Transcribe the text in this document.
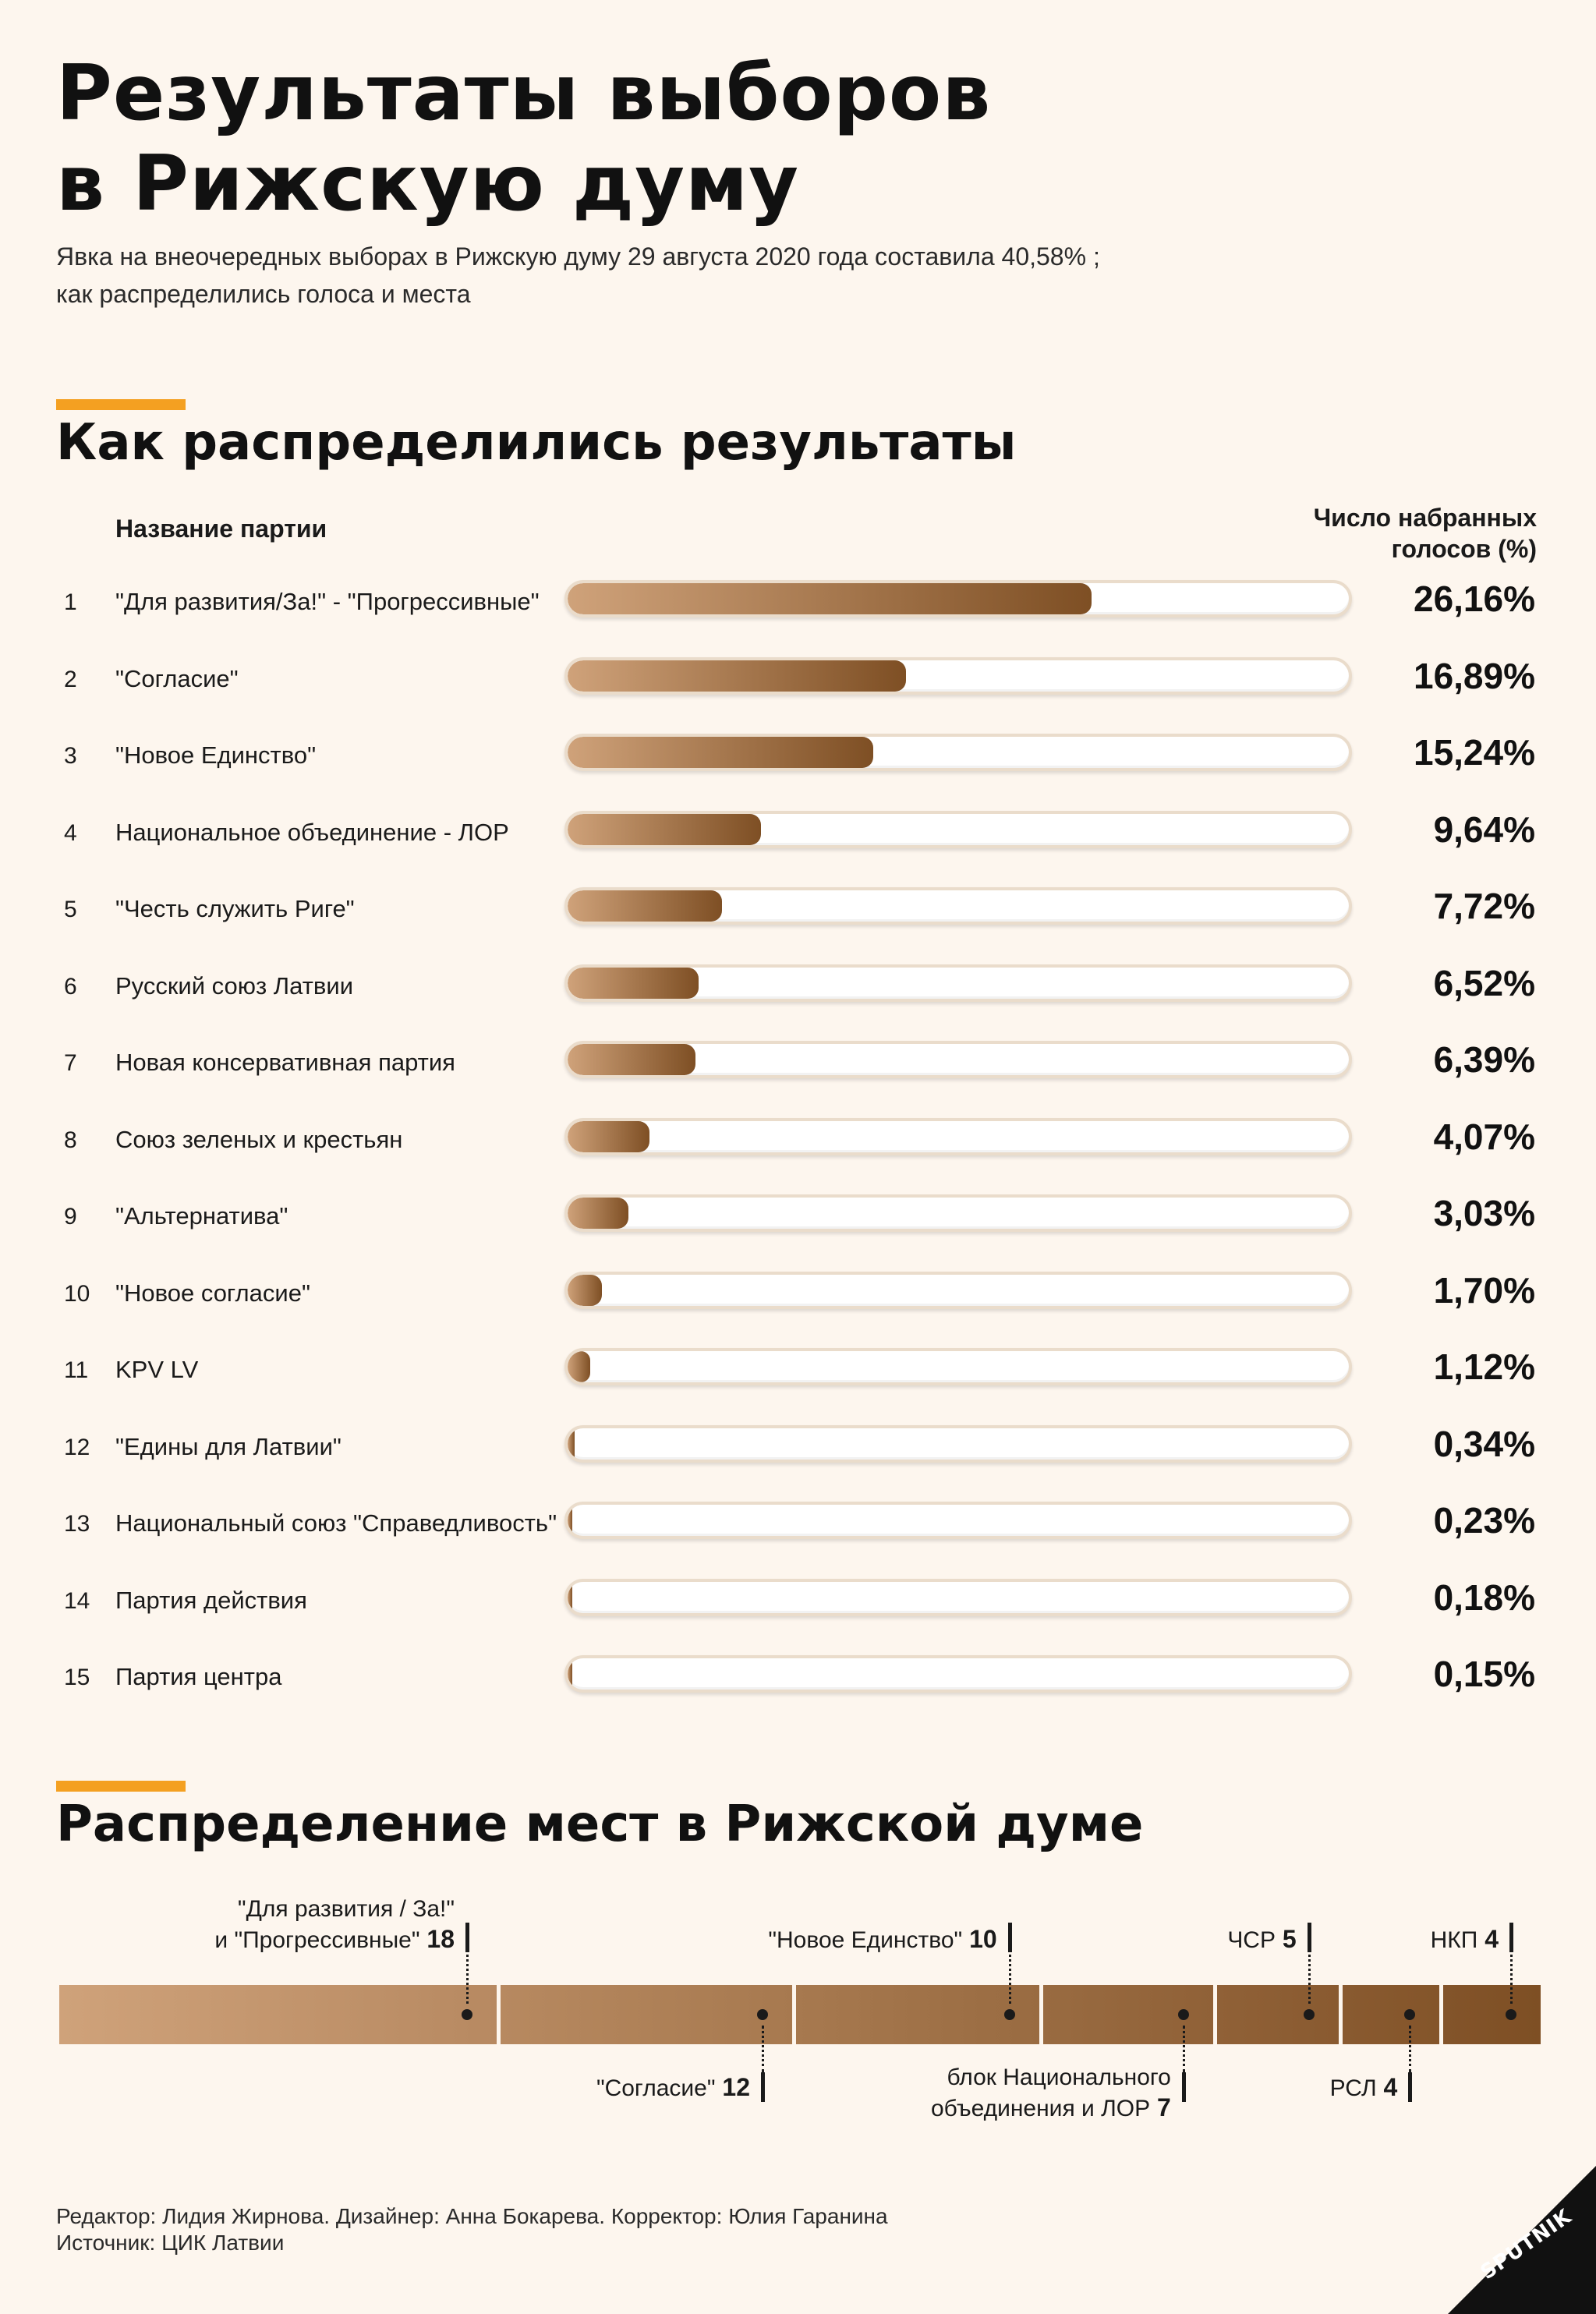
Результаты выборов
в Рижскую думу

Явка на внеочередных выборах в Рижскую думу 29 августа 2020 года составила 40,58% ;
как распределились голоса и места

Как распределились результаты
Название партии	Число набранных
голосов (%)
1 "Для развития/За!" - "Прогрессивные"	26,16%
2 "Согласие"	16,89%
3 "Новое Единство"	15,24%
4 Национальное объединение - ЛОР	9,64%
5 "Честь служить Риге"	7,72%
6 Русский союз Латвии	6,52%
7 Новая консервативная партия	6,39%
8 Союз зеленых и крестьян	4,07%
9 "Альтернатива"	3,03%
10 "Новое согласие"	1,70%
11 KPV LV	1,12%
12 "Едины для Латвии"	0,34%
13 Национальный союз "Справедливость"	0,23%
14 Партия действия	0,18%
15 Партия центра	0,15%
Распределение мест в Рижской думе
"Для развития / За!"
и "Прогрессивные" 18
"Согласие" 12
"Новое Единство" 10
блок Национального
объединения и ЛОР 7
ЧСР 5
РСЛ 4
НКП 4
Редактор: Лидия Жирнова. Дизайнер: Анна Бокарева. Корректор: Юлия Гаранина
Источник: ЦИК Латвии	SPUTNIK
